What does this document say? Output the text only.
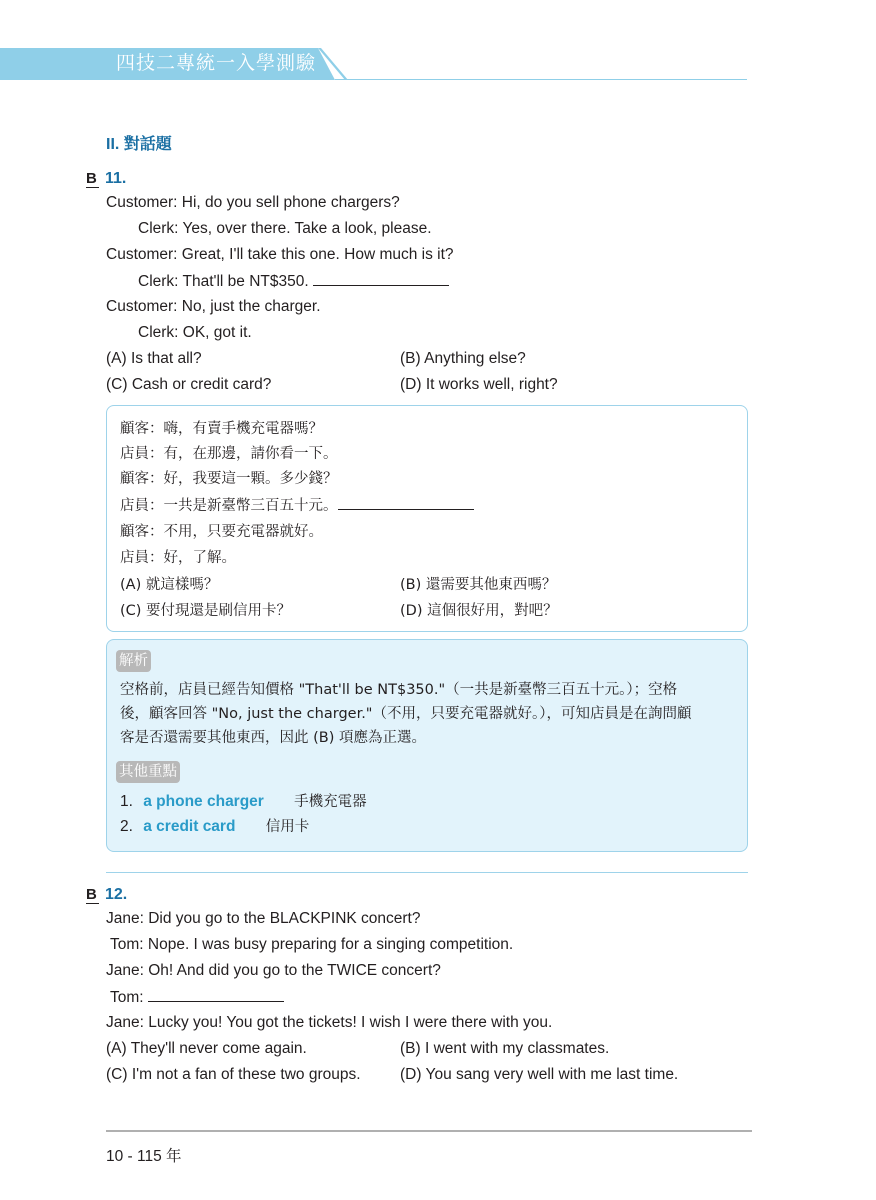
四技二專統一入學測驗
II. 對話題
B 11.
Customer: Hi, do you sell phone chargers?
Clerk: Yes, over there. Take a look, please.
Customer: Great, I'll take this one. How much is it?
Clerk: That'll be NT$350.
Customer: No, just the charger.
Clerk: OK, got it.
(A) Is that all?	(B) Anything else?
(C) Cash or credit card?	(D) It works well, right?
顧客：嗨，有賣手機充電器嗎？
店員：有，在那邊，請你看一下。
顧客：好，我要這一顆。多少錢？
店員：一共是新臺幣三百五十元。
顧客：不用，只要充電器就好。
店員：好，了解。
(A) 就這樣嗎？	(B) 還需要其他東西嗎？
(C) 要付現還是刷信用卡？	(D) 這個很好用，對吧？
解析
空格前，店員已經告知價格 "That'll be NT$350."（一共是新臺幣三百五十元。）；空格
後，顧客回答 "No, just the charger."（不用，只要充電器就好。），可知店員是在詢問顧
客是否還需要其他東西，因此 (B) 項應為正選。
其他重點
1. a phone charger 手機充電器
2. a credit card 信用卡
B 12.
Jane: Did you go to the BLACKPINK concert?
Tom: Nope. I was busy preparing for a singing competition.
Jane: Oh! And did you go to the TWICE concert?
Tom:
Jane: Lucky you! You got the tickets! I wish I were there with you.
(A) They'll never come again.	(B) I went with my classmates.
(C) I'm not a fan of these two groups.	(D) You sang very well with me last time.
10 - 115 年
